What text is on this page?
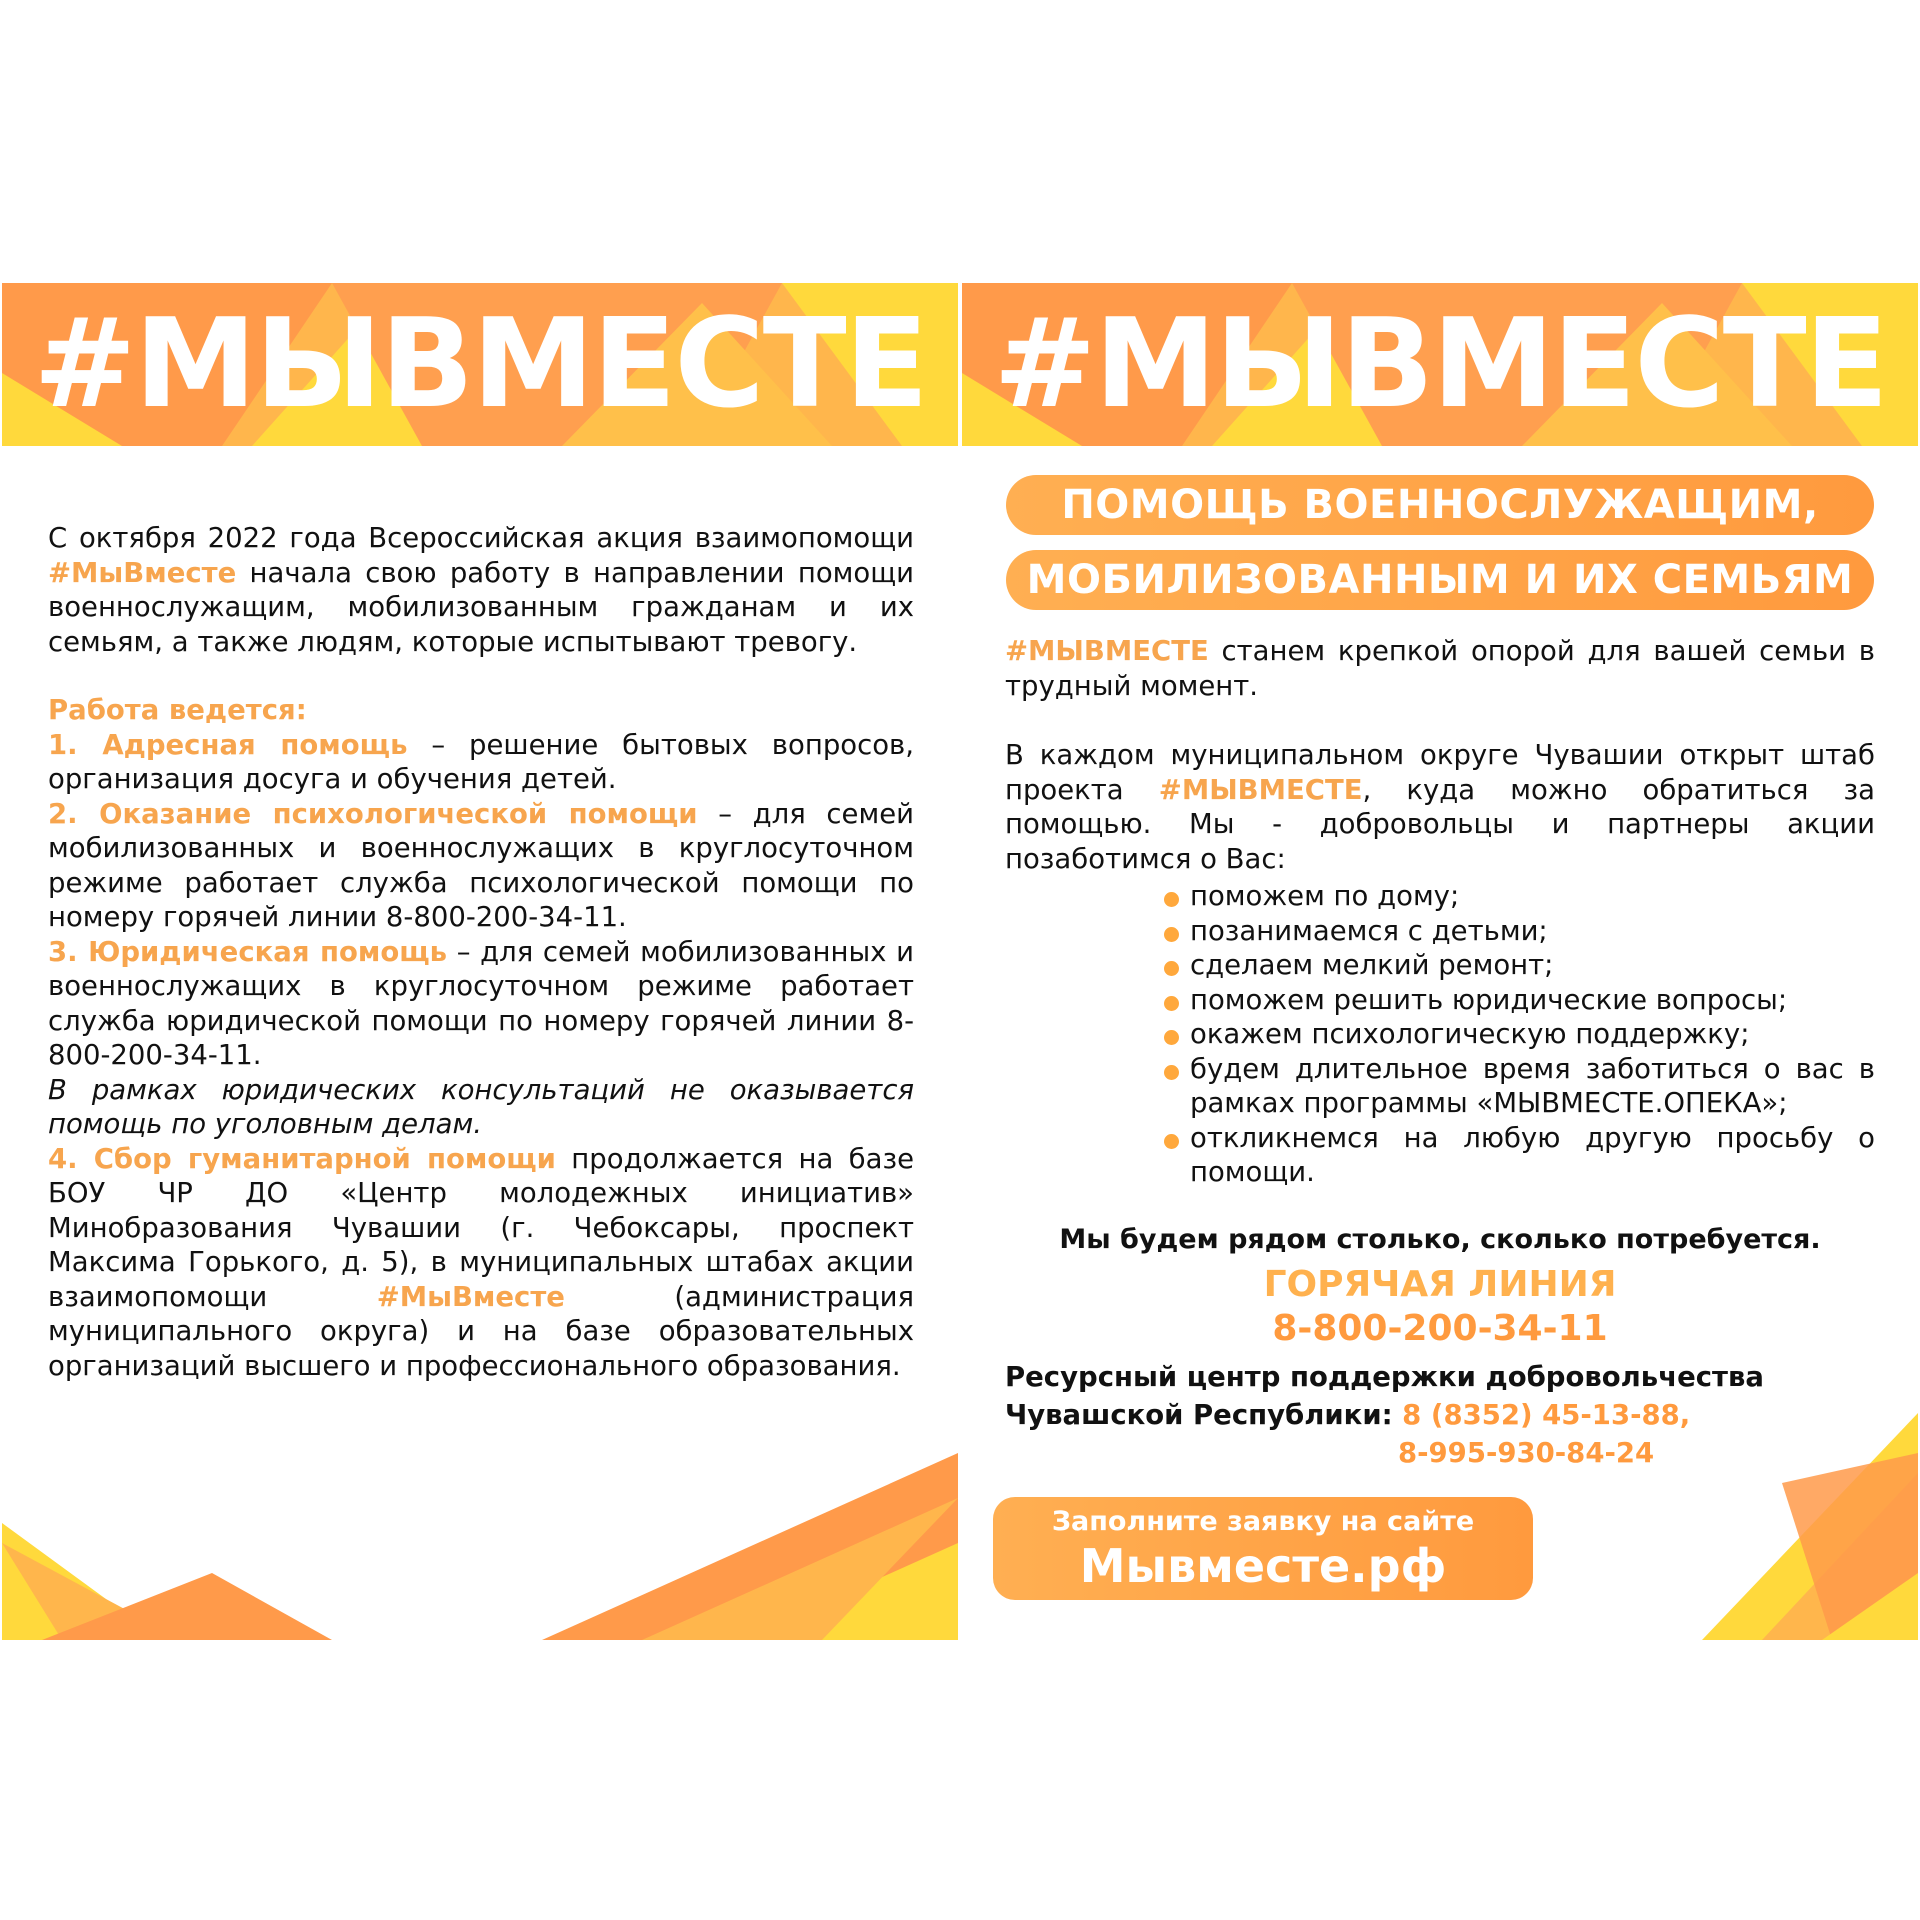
#МЫВМЕСТЕ

С октября 2022 года Всероссийская акция взаимопомощи #МыВместе начала свою работу в направлении помощи военнослужащим, мобилизованным гражданам и их семьям, а также людям, которые испытывают тревогу.

Работа ведется:

1. Адресная помощь – решение бытовых вопросов, организация досуга и обучения детей.

2. Оказание психологической помощи – для семей мобилизованных и военнослужащих в круглосуточном режиме работает служба психологической помощи по номеру горячей линии 8-800-200-34-11.

3. Юридическая помощь – для семей мобилизованных и военнослужащих в круглосуточном режиме работает служба юридической помощи по номеру горячей линии 8-800-200-34-11.

В рамках юридических консультаций не оказывается помощь по уголовным делам.

4. Сбор гуманитарной помощи продолжается на базе БОУ ЧР ДО «Центр молодежных инициатив» Минобразования Чувашии (г. Чебоксары, проспект Максима Горького, д. 5), в муниципальных штабах акции взаимопомощи #МыВместе (администрация муниципального округа) и на базе образовательных организаций высшего и профессионального образования.

#МЫВМЕСТЕ
ПОМОЩЬ ВОЕННОСЛУЖАЩИМ,
МОБИЛИЗОВАННЫМ И ИХ СЕМЬЯМ
#МЫВМЕСТЕ станем крепкой опорой для вашей семьи в трудный момент.
В каждом муниципальном округе Чувашии открыт штаб проекта #МЫВМЕСТЕ, куда можно обратиться за помощью. Мы - добровольцы и партнеры акции позаботимся о Вас:
поможем по дому;
позанимаемся с детьми;
сделаем мелкий ремонт;
поможем решить юридические вопросы;
окажем психологическую поддержку;
будем длительное время заботиться о вас в рамках программы «МЫВМЕСТЕ.ОПЕКА»;
откликнемся на любую другую просьбу о помощи.
Мы будем рядом столько, сколько потребуется.
ГОРЯЧАЯ ЛИНИЯ
8-800-200-34-11
Ресурсный центр поддержки добровольчества
Чувашской Республики: 8 (8352) 45-13-88,
8-995-930-84-24
Заполните заявку на сайте
Мывместе.рф
